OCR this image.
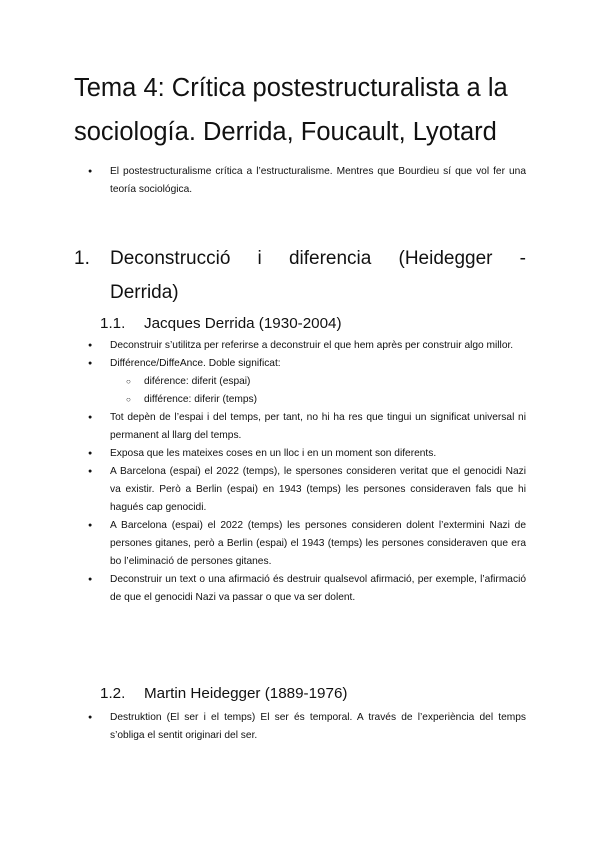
Tema 4: Crítica postestructuralista a la sociología. Derrida, Foucault, Lyotard
● El postestructuralisme crítica a l’estructuralisme. Mentres que Bourdieu sí que vol fer una teoría sociológica.
1. Deconstrucció i diferencia (Heidegger -
Derrida)
1.1. Jacques Derrida (1930-2004)
● Deconstruir s’utilitza per referirse a deconstruir el que hem après per construir algo millor.
● Différence/DiffeAnce. Doble significat:
○ diférence: diferit (espai)
○ différence: diferir (temps)
● Tot depèn de l’espai i del temps, per tant, no hi ha res que tingui un significat universal ni permanent al llarg del temps.
● Exposa que les mateixes coses en un lloc i en un moment son diferents.
● A Barcelona (espai) el 2022 (temps), le spersones consideren veritat que el genocidi Nazi va existir. Però a Berlin (espai) en 1943 (temps) les persones consideraven fals que hi hagués cap genocidi.
● A Barcelona (espai) el 2022 (temps) les persones consideren dolent l’extermini Nazi de persones gitanes, però a Berlin (espai) el 1943 (temps) les persones consideraven que era bo l’eliminació de persones gitanes.
● Deconstruir un text o una afirmació és destruir qualsevol afirmació, per exemple, l’afirmació de que el genocidi Nazi va passar o que va ser dolent.
1.2. Martin Heidegger (1889-1976)
● Destruktion (El ser i el temps) El ser és temporal. A través de l’experiència del temps s’obliga el sentit originari del ser.
